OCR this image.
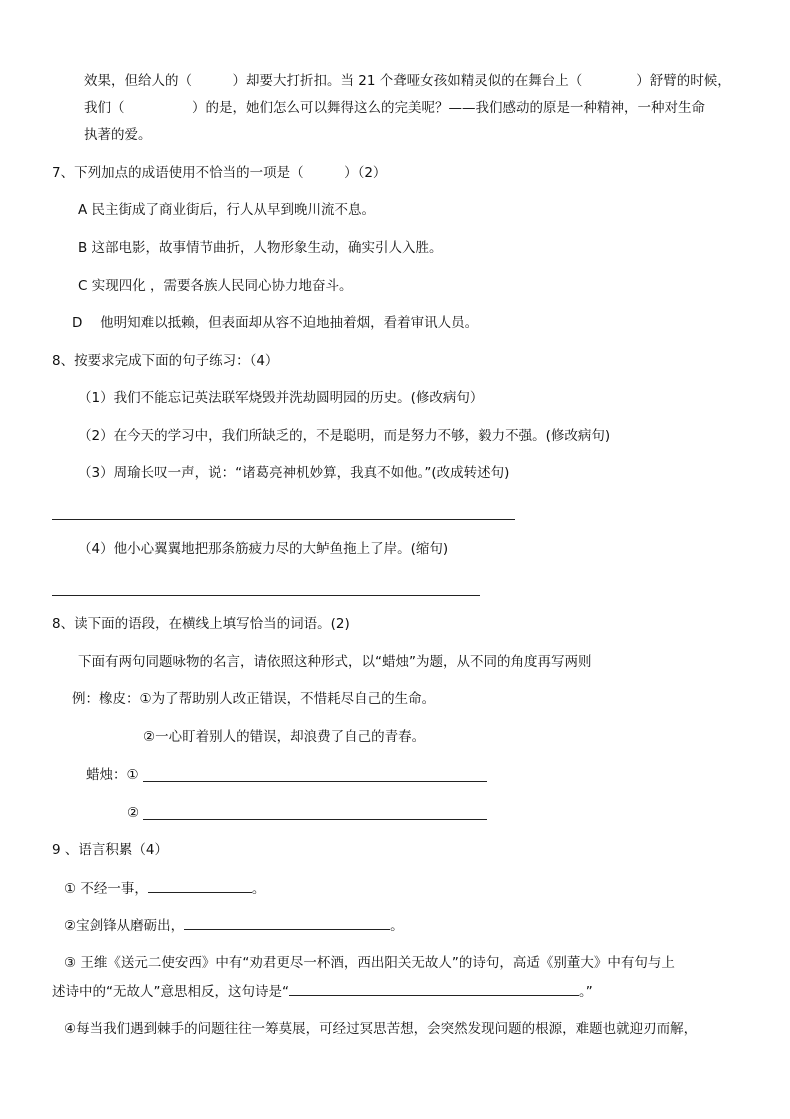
效果，但给人的（　　　）却要大打折扣。当 21 个聋哑女孩如精灵似的在舞台上（　　　　）舒臂的时候，
我们（　　　　　）的是，她们怎么可以舞得这么的完美呢？——我们感动的原是一种精神，一种对生命
执著的爱。
7、下列加点的成语使用不恰当的一项是（　　　）（2）
A 民主街成了商业街后，行人从早到晚川流不息。
B 这部电影，故事情节曲折，人物形象生动，确实引人入胜。
C 实现四化 ，需要各族人民同心协力地奋斗。
D　 他明知难以抵赖，但表面却从容不迫地抽着烟，看着审讯人员。
8、按要求完成下面的句子练习：（4）
（1）我们不能忘记英法联军烧毁并洗劫圆明园的历史。(修改病句）
（2）在今天的学习中，我们所缺乏的，不是聪明，而是努力不够，毅力不强。(修改病句)
（3）周瑜长叹一声，说：“诸葛亮神机妙算，我真不如他。”(改成转述句)
（4）他小心翼翼地把那条筋疲力尽的大鲈鱼拖上了岸。(缩句)
8、读下面的语段，在横线上填写恰当的词语。(2)
下面有两句同题咏物的名言，请依照这种形式，以“蜡烛”为题，从不同的角度再写两则
例：橡皮：①为了帮助别人改正错误，不惜耗尽自己的生命。
②一心盯着别人的错误，却浪费了自己的青春。
蜡烛：①
②
9 、语言积累（4）
① 不经一事，	。
②宝剑锋从磨砺出，	。
③ 王维《送元二使安西》中有“劝君更尽一杯酒，西出阳关无故人”的诗句，高适《别董大》中有句与上
述诗中的“无故人”意思相反，这句诗是“	。”
④每当我们遇到棘手的问题往往一筹莫展，可经过冥思苦想，会突然发现问题的根源，难题也就迎刃而解，
